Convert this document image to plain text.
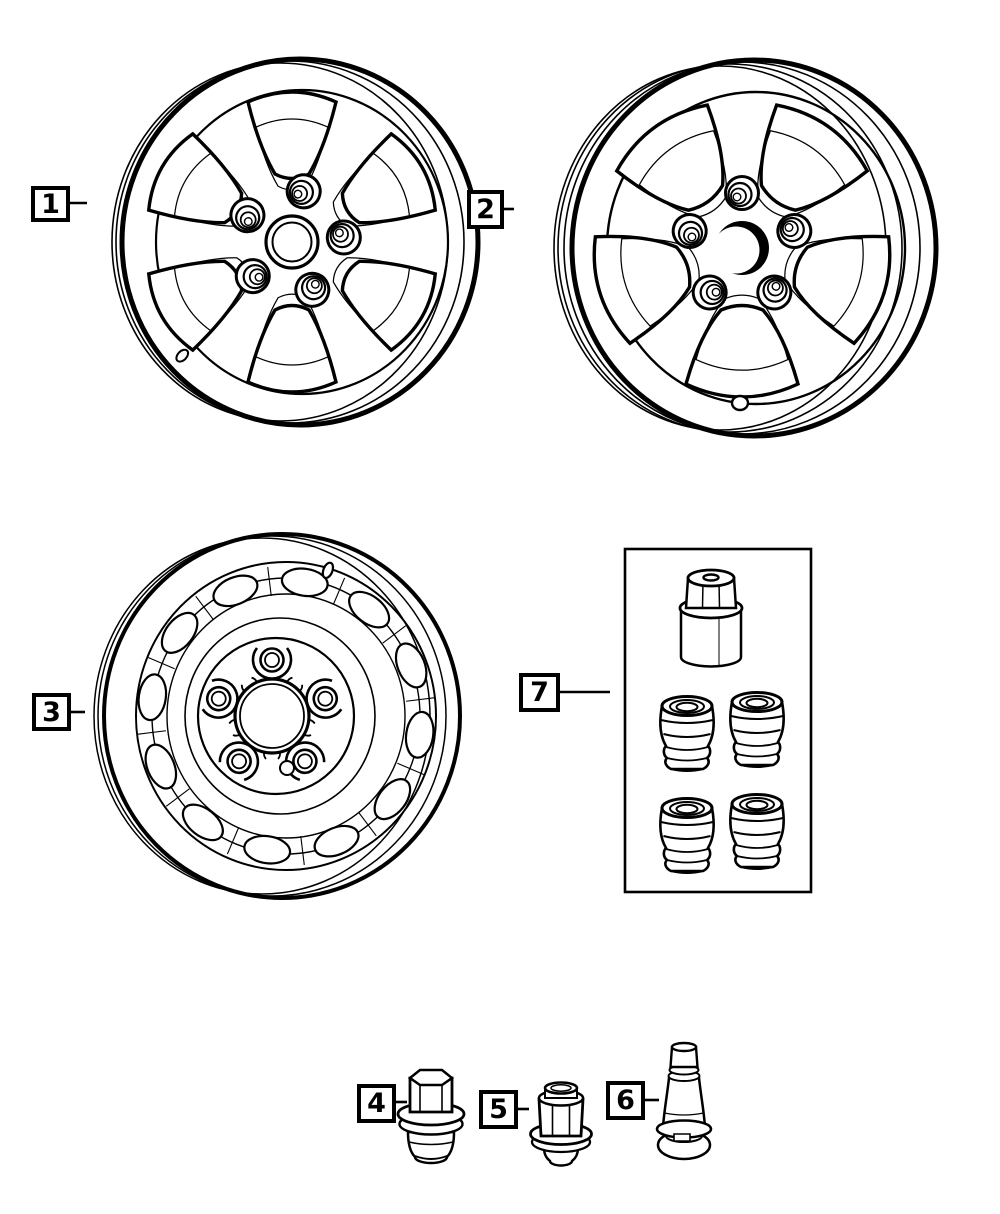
1	2
3
4	5	6
7
